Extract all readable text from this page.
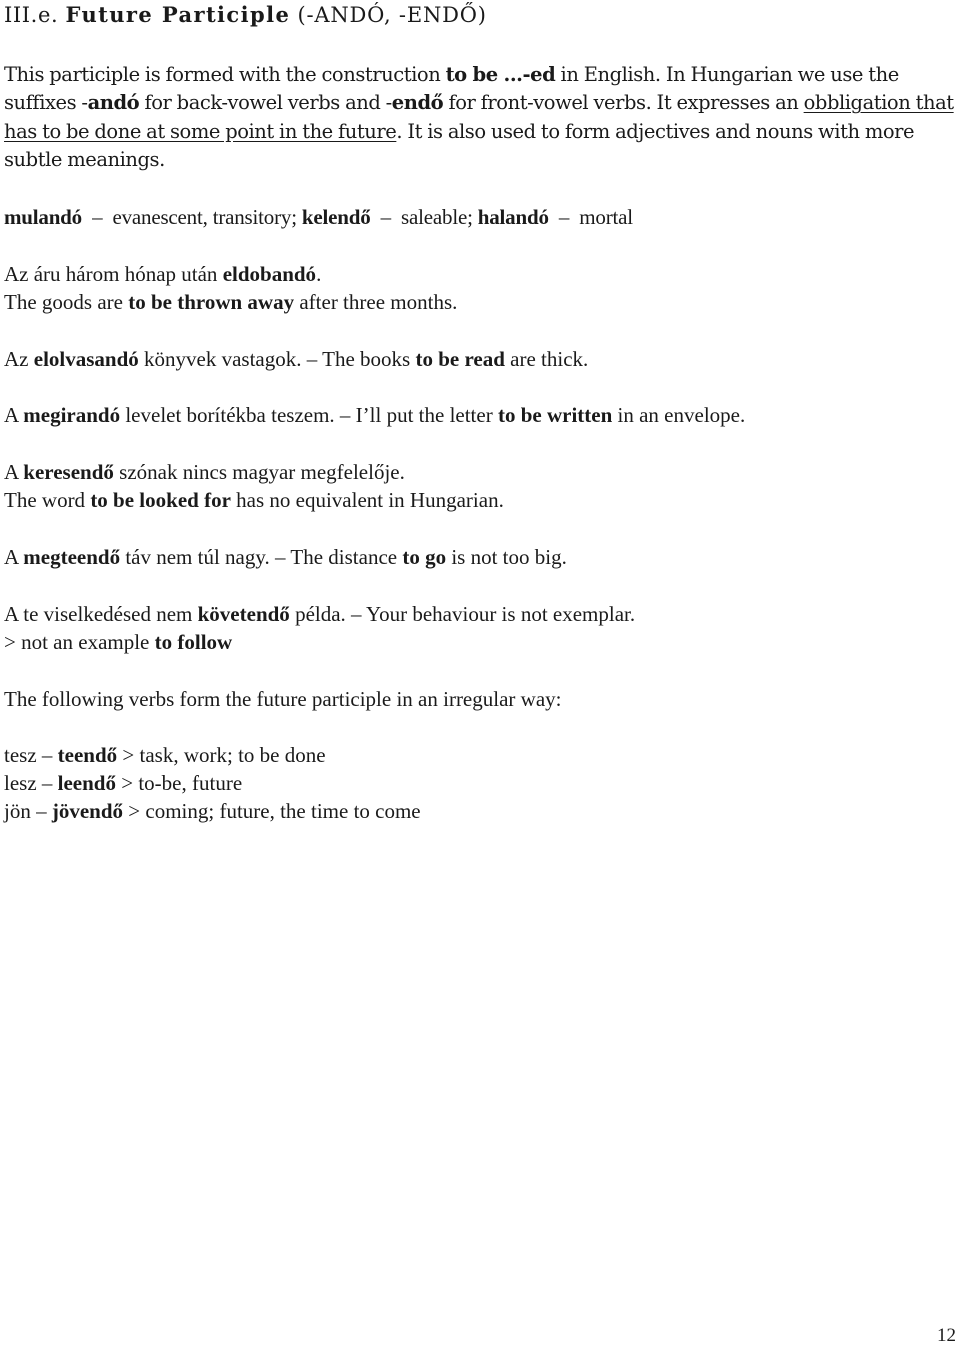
III.e. Future Participle (-ANDÓ, -ENDŐ)
This participle is formed with the construction to be ...-ed in English. In Hungarian we use the suffixes -andó for back-vowel verbs and -endő for front-vowel verbs. It expresses an obbligation that has to be done at some point in the future. It is also used to form adjectives and nouns with more subtle meanings.
mulandó – evanescent, transitory; kelendő – saleable; halandó – mortal
Az áru három hónap után eldobandó.
The goods are to be thrown away after three months.
Az elolvasandó könyvek vastagok. – The books to be read are thick.
A megirandó levelet borítékba teszem. – I’ll put the letter to be written in an envelope.
A keresendő szónak nincs magyar megfelelője.
The word to be looked for has no equivalent in Hungarian.
A megteendő táv nem túl nagy. – The distance to go is not too big.
A te viselkedésed nem követendő példa. – Your behaviour is not exemplar.
> not an example to follow
The following verbs form the future participle in an irregular way:
tesz – teendő > task, work; to be done
lesz – leendő > to-be, future
jön – jövendő > coming; future, the time to come
12
